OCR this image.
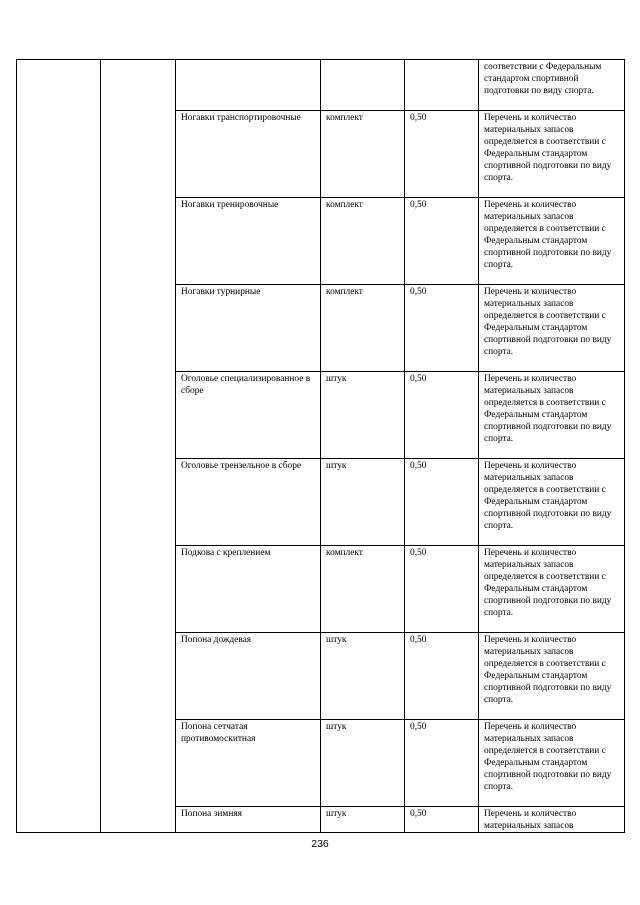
					соответствии с Федеральным стандартом спортивной подготовки по виду спорта.
		Ногавки транспортировочные	комплект	0,50	Перечень и количество материальных запасов определяется в соответствии с Федеральным стандартом спортивной подготовки по виду спорта.
		Ногавки тренировочные	комплект	0,50	Перечень и количество материальных запасов определяется в соответствии с Федеральным стандартом спортивной подготовки по виду спорта.
		Ногавки турнирные	комплект	0,50	Перечень и количество материальных запасов определяется в соответствии с Федеральным стандартом спортивной подготовки по виду спорта.
		Оголовье специализированное в сборе	штук	0,50	Перечень и количество материальных запасов определяется в соответствии с Федеральным стандартом спортивной подготовки по виду спорта.
		Оголовье трензельное в сборе	штук	0,50	Перечень и количество материальных запасов определяется в соответствии с Федеральным стандартом спортивной подготовки по виду спорта.
		Подкова с креплением	комплект	0,50	Перечень и количество материальных запасов определяется в соответствии с Федеральным стандартом спортивной подготовки по виду спорта.
		Попона дождевая	штук	0,50	Перечень и количество материальных запасов определяется в соответствии с Федеральным стандартом спортивной подготовки по виду спорта.
		Попона сетчатая противомоскитная	штук	0,50	Перечень и количество материальных запасов определяется в соответствии с Федеральным стандартом спортивной подготовки по виду спорта.
		Попона зимняя	штук	0,50	Перечень и количество материальных запасов
236
